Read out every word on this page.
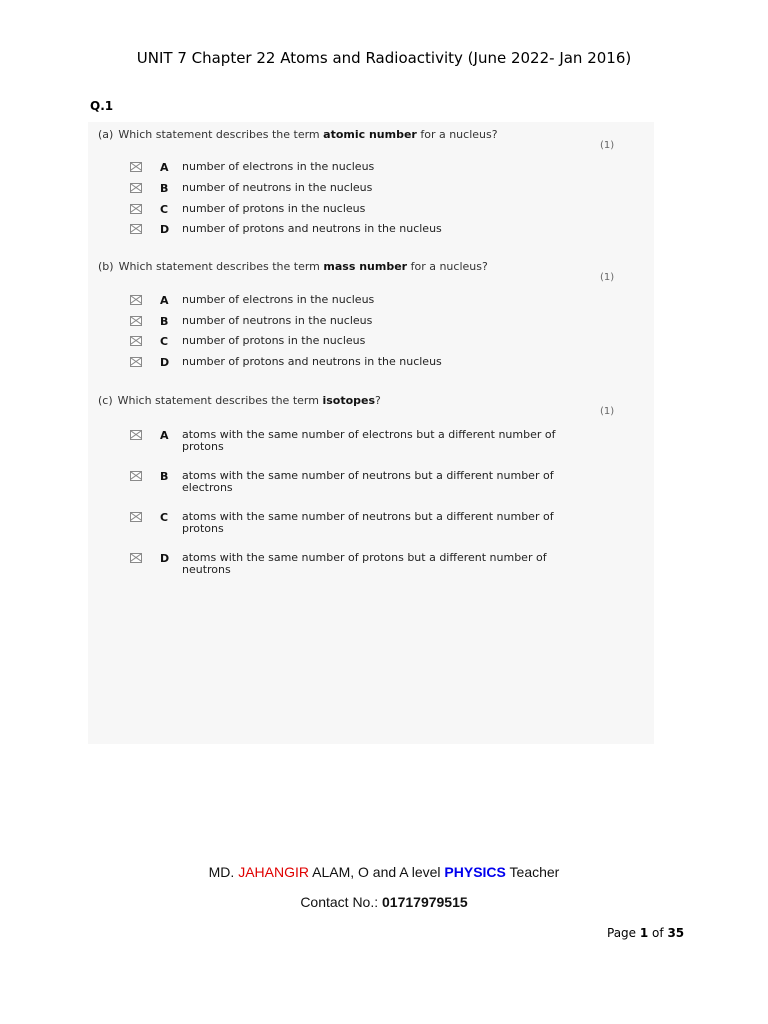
UNIT 7 Chapter 22 Atoms and Radioactivity (June 2022- Jan 2016)
Q.1
(a) Which statement describes the term atomic number for a nucleus?
(1)
A number of electrons in the nucleus
B number of neutrons in the nucleus
C number of protons in the nucleus
D number of protons and neutrons in the nucleus
(b) Which statement describes the term mass number for a nucleus?
(1)
A number of electrons in the nucleus
B number of neutrons in the nucleus
C number of protons in the nucleus
D number of protons and neutrons in the nucleus
(c) Which statement describes the term isotopes?
(1)
A atoms with the same number of electrons but a different number of protons
B atoms with the same number of neutrons but a different number of electrons
C atoms with the same number of neutrons but a different number of protons
D atoms with the same number of protons but a different number of neutrons
MD. JAHANGIR ALAM, O and A level PHYSICS Teacher
Contact No.: 01717979515
Page 1 of 35
